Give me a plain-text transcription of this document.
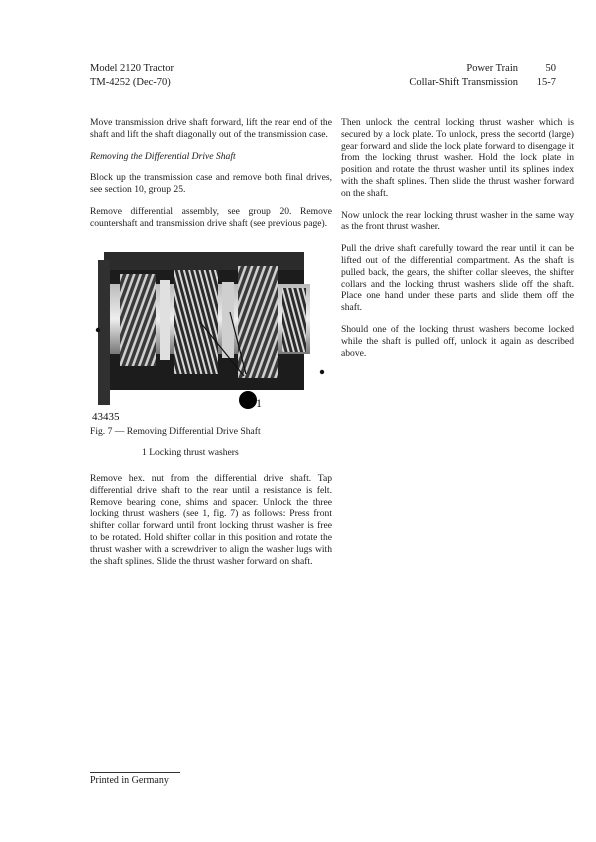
Model 2120 Tractor
TM-4252 (Dec-70)
Power Train	50
Collar-Shift Transmission	15-7

Move transmission drive shaft forward, lift the rear end of the shaft and lift the shaft diagonally out of the transmission case.

Removing the Differential Drive Shaft

Block up the transmission case and remove both final drives, see section 10, group 25.

Remove differential assembly, see group 20. Remove countershaft and transmission drive shaft (see previous page).

1
43435
Fig. 7 — Removing Differential Drive Shaft
1 Locking thrust washers
Remove hex. nut from the differential drive shaft. Tap differential drive shaft to the rear until a resistance is felt. Remove bearing cone, shims and spacer. Unlock the three locking thrust washers (see 1, fig. 7) as follows: Press front shifter collar forward until front locking thrust washer is free to be rotated. Hold shifter collar in this position and rotate the thrust washer with a screwdriver to align the washer lugs with the shaft splines. Slide the thrust washer forward on shaft.

Then unlock the central locking thrust washer which is secured by a lock plate. To unlock, press the secortd (large) gear forward and slide the lock plate forward to disengage it from the locking thrust washer. Hold the lock plate in position and rotate the thrust washer until its splines index with the shaft splines. Then slide the thrust washer forward on the shaft.

Now unlock the rear locking thrust washer in the same way as the front thrust washer.

Pull the drive shaft carefully toward the rear until it can be lifted out of the differential compartment. As the shaft is pulled back, the gears, the shifter collar sleeves, the shifter collars and the locking thrust washers slide off the shaft. Place one hand under these parts and slide them off the shaft.

Should one of the locking thrust washers become locked while the shaft is pulled off, unlock it again as described above.

Printed in Germany
